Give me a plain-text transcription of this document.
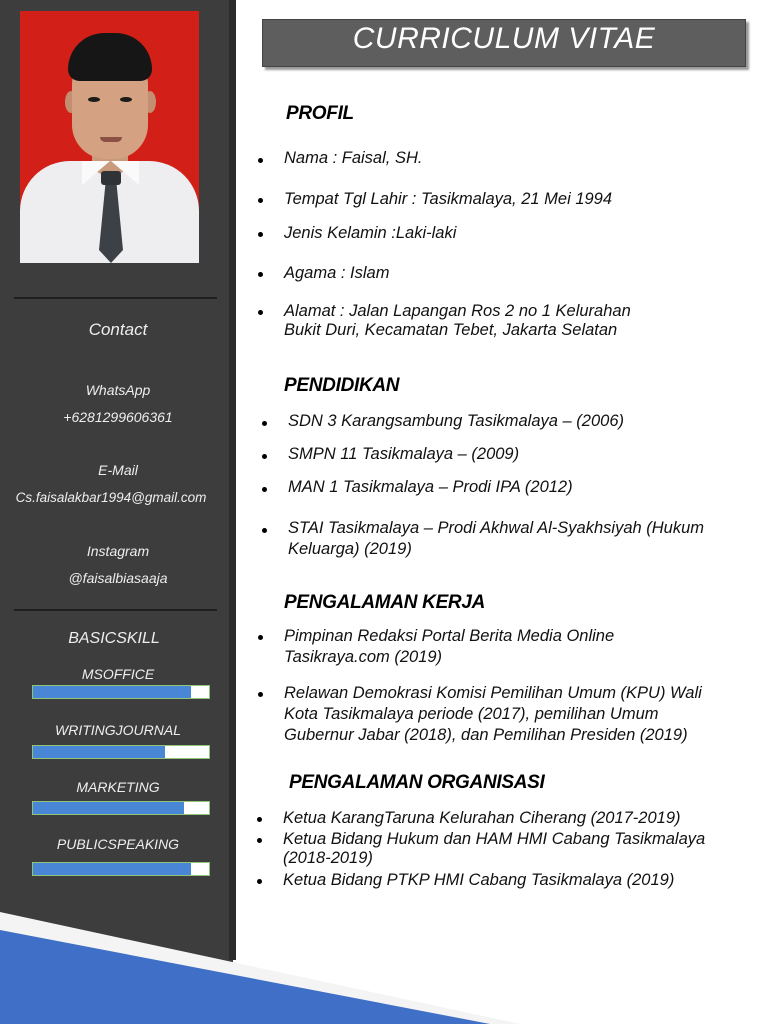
Contact
WhatsApp
+6281299606361
E-Mail
Cs.faisalakbar1994@gmail.com
Instagram
@faisalbiasaaja
BASICSKILL
MSOFFICE
WRITINGJOURNAL
MARKETING
PUBLICSPEAKING
CURRICULUM VITAE
PROFIL
Nama : Faisal, SH.
Tempat Tgl Lahir : Tasikmalaya, 21 Mei 1994
Jenis Kelamin :Laki-laki
Agama : Islam
Alamat : Jalan Lapangan Ros 2 no 1 Kelurahan
Bukit Duri, Kecamatan Tebet, Jakarta Selatan
PENDIDIKAN
SDN 3 Karangsambung Tasikmalaya – (2006)
SMPN 11 Tasikmalaya – (2009)
MAN 1 Tasikmalaya – Prodi IPA (2012)
STAI Tasikmalaya – Prodi Akhwal Al-Syakhsiyah (Hukum
Keluarga) (2019)
PENGALAMAN KERJA
Pimpinan Redaksi Portal Berita Media Online
Tasikraya.com (2019)
Relawan Demokrasi Komisi Pemilihan Umum (KPU) Wali
Kota Tasikmalaya periode (2017), pemilihan Umum
Gubernur Jabar (2018), dan Pemilihan Presiden (2019)
PENGALAMAN ORGANISASI
Ketua KarangTaruna Kelurahan Ciherang (2017-2019)
Ketua Bidang Hukum dan HAM HMI Cabang Tasikmalaya
(2018-2019)
Ketua Bidang PTKP HMI Cabang Tasikmalaya (2019)
